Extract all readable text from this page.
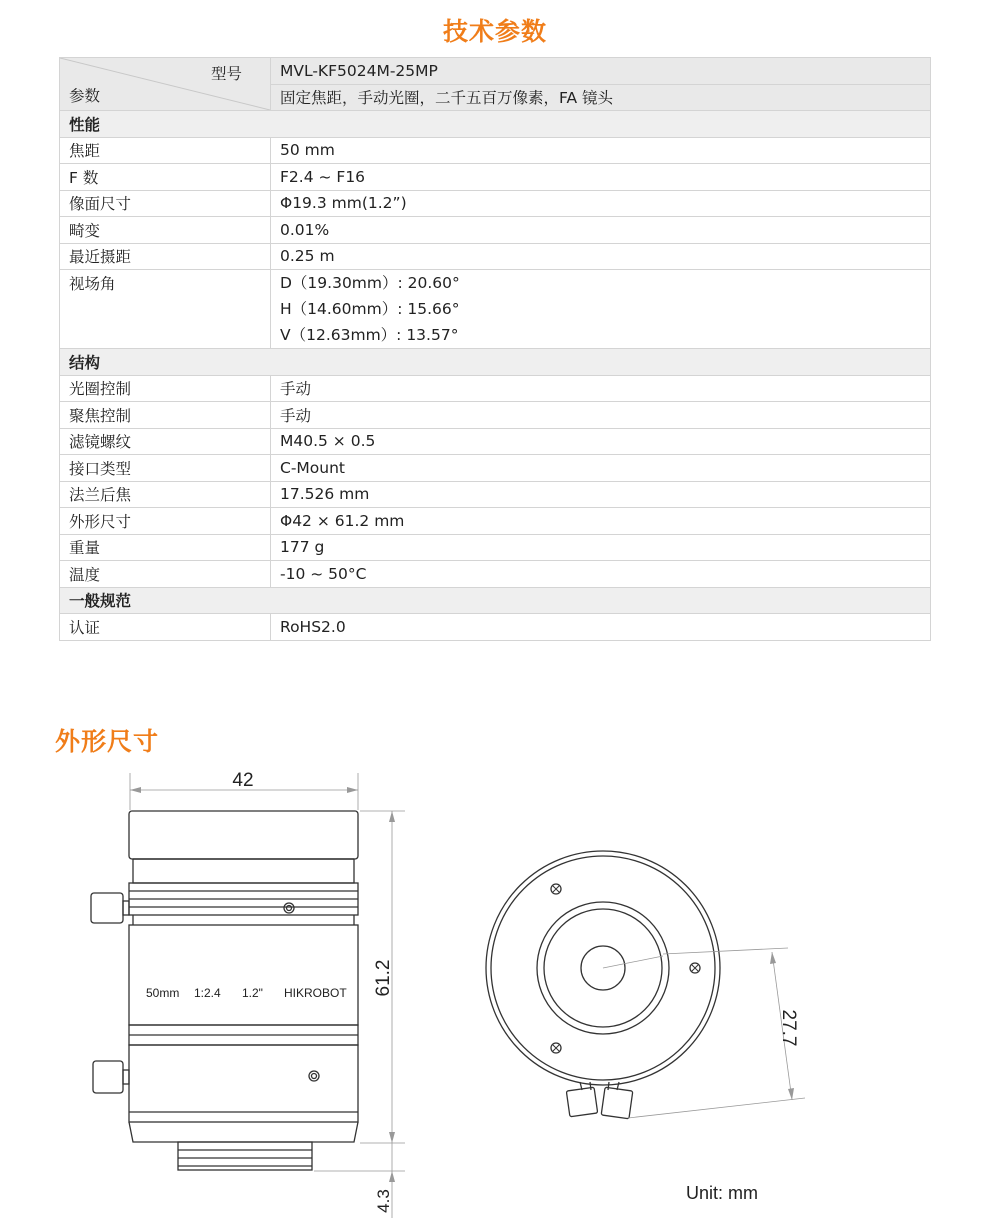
技术参数
型号
参数	MVL-KF5024M-25MP
	固定焦距，手动光圈，二千五百万像素，FA 镜头
性能	
焦距	50 mm
F 数	F2.4 ~ F16
像面尺寸	Φ19.3 mm(1.2”)
畸变	0.01%
最近摄距	0.25 m
视场角	D（19.30mm）: 20.60°
H（14.60mm）: 15.66°
V（12.63mm）: 13.57°

结构	
光圈控制	手动
聚焦控制	手动
滤镜螺纹	M40.5 × 0.5
接口类型	C-Mount
法兰后焦	17.526 mm
外形尺寸	Φ42 × 61.2 mm
重量	177 g
温度	-10 ~ 50°C
一般规范	
认证	RoHS2.0
外形尺寸
42
61.2
4.3
50mm 1:2.4 1.2" HIKROBOT
27.7
Unit: mm
